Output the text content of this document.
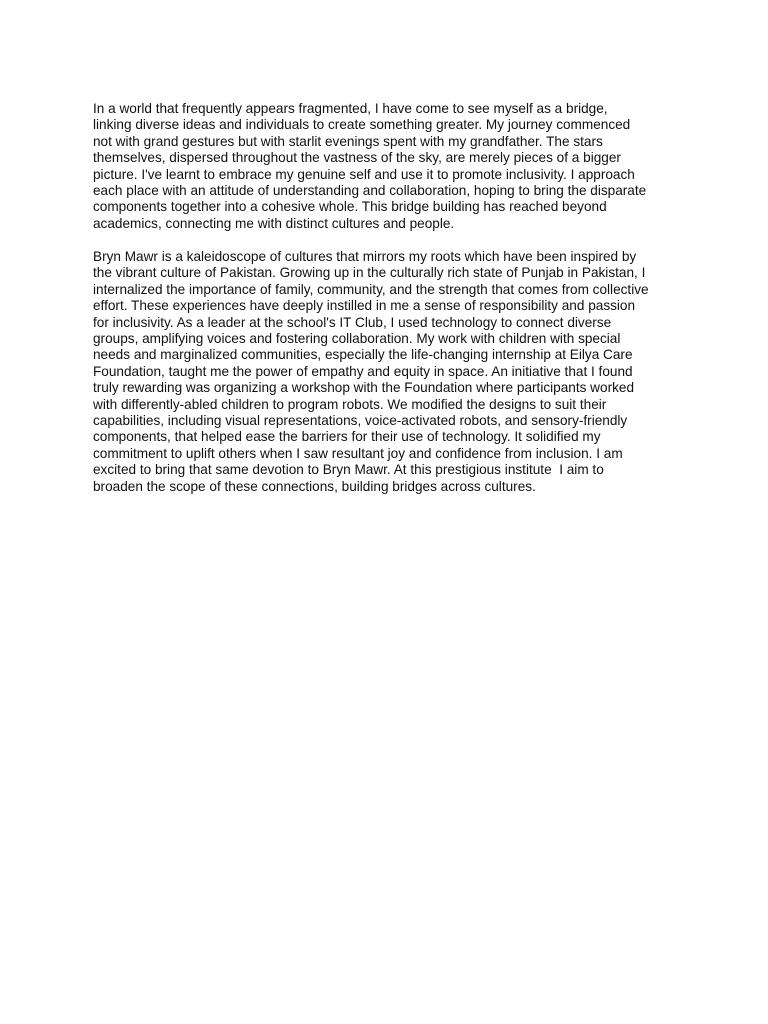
In a world that frequently appears fragmented, I have come to see myself as a bridge,
linking diverse ideas and individuals to create something greater. My journey commenced
not with grand gestures but with starlit evenings spent with my grandfather. The stars
themselves, dispersed throughout the vastness of the sky, are merely pieces of a bigger
picture. I've learnt to embrace my genuine self and use it to promote inclusivity. I approach
each place with an attitude of understanding and collaboration, hoping to bring the disparate
components together into a cohesive whole. This bridge building has reached beyond
academics, connecting me with distinct cultures and people.

Bryn Mawr is a kaleidoscope of cultures that mirrors my roots which have been inspired by
the vibrant culture of Pakistan. Growing up in the culturally rich state of Punjab in Pakistan, I
internalized the importance of family, community, and the strength that comes from collective
effort. These experiences have deeply instilled in me a sense of responsibility and passion
for inclusivity. As a leader at the school's IT Club, I used technology to connect diverse
groups, amplifying voices and fostering collaboration. My work with children with special
needs and marginalized communities, especially the life-changing internship at Eilya Care
Foundation, taught me the power of empathy and equity in space. An initiative that I found
truly rewarding was organizing a workshop with the Foundation where participants worked
with differently-abled children to program robots. We modified the designs to suit their
capabilities, including visual representations, voice-activated robots, and sensory-friendly
components, that helped ease the barriers for their use of technology. It solidified my
commitment to uplift others when I saw resultant joy and confidence from inclusion. I am
excited to bring that same devotion to Bryn Mawr. At this prestigious institute  I aim to
broaden the scope of these connections, building bridges across cultures.
